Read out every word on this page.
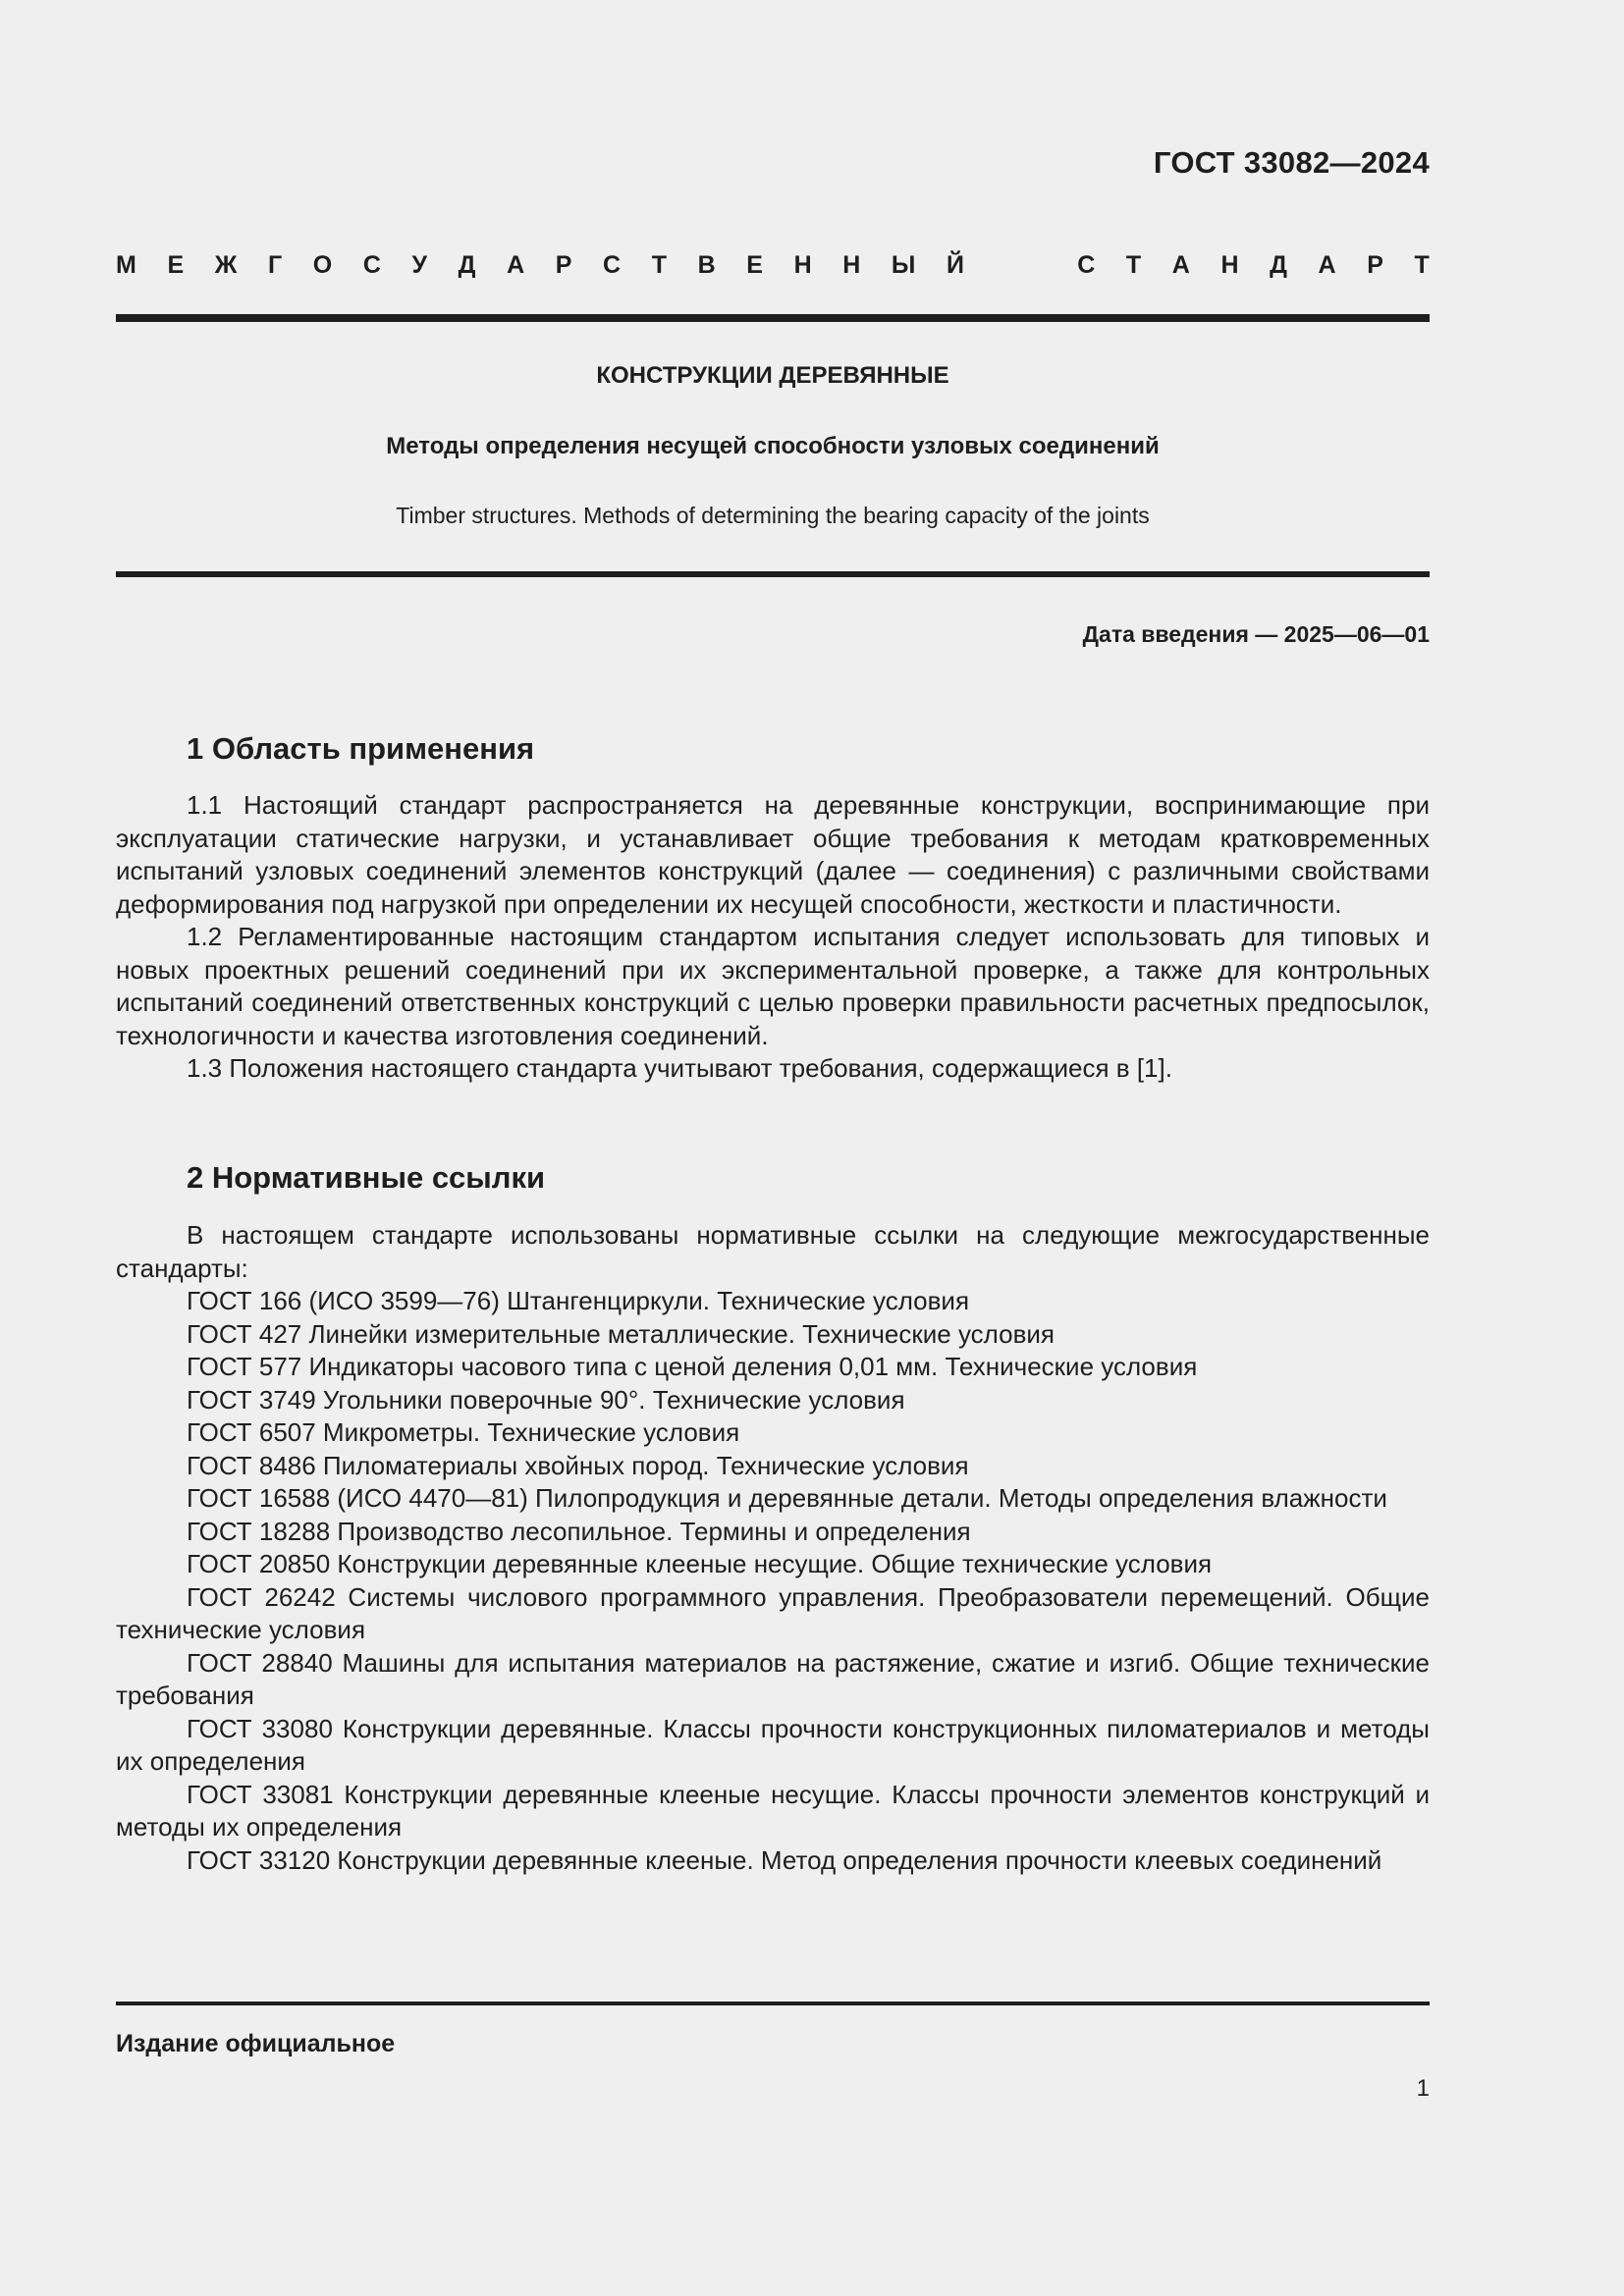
ГОСТ 33082—2024
М Е Ж Г О С У Д А Р С Т В Е Н Н Ы Й	С Т А Н Д А Р Т
КОНСТРУКЦИИ ДЕРЕВЯННЫЕ
Методы определения несущей способности узловых соединений
Timber structures. Methods of determining the bearing capacity of the joints
Дата введения — 2025—06—01
1 Область применения

1.1 Настоящий стандарт распространяется на деревянные конструкции, воспринимающие при эксплуатации статические нагрузки, и устанавливает общие требования к методам кратковременных испытаний узловых соединений элементов конструкций (далее — соединения) с различными свойствами деформирования под нагрузкой при определении их несущей способности, жесткости и пластичности.

1.2 Регламентированные настоящим стандартом испытания следует использовать для типовых и новых проектных решений соединений при их экспериментальной проверке, а также для контрольных испытаний соединений ответственных конструкций с целью проверки правильности расчетных предпосылок, технологичности и качества изготовления соединений.

1.3 Положения настоящего стандарта учитывают требования, содержащиеся в [1].

2 Нормативные ссылки

В настоящем стандарте использованы нормативные ссылки на следующие межгосударственные стандарты:

ГОСТ 166 (ИСО 3599—76) Штангенциркули. Технические условия

ГОСТ 427 Линейки измерительные металлические. Технические условия

ГОСТ 577 Индикаторы часового типа с ценой деления 0,01 мм. Технические условия

ГОСТ 3749 Угольники поверочные 90°. Технические условия

ГОСТ 6507 Микрометры. Технические условия

ГОСТ 8486 Пиломатериалы хвойных пород. Технические условия

ГОСТ 16588 (ИСО 4470—81) Пилопродукция и деревянные детали. Методы определения влажности

ГОСТ 18288 Производство лесопильное. Термины и определения

ГОСТ 20850 Конструкции деревянные клееные несущие. Общие технические условия

ГОСТ 26242 Системы числового программного управления. Преобразователи перемещений. Общие технические условия

ГОСТ 28840 Машины для испытания материалов на растяжение, сжатие и изгиб. Общие технические требования

ГОСТ 33080 Конструкции деревянные. Классы прочности конструкционных пиломатериалов и методы их определения

ГОСТ 33081 Конструкции деревянные клееные несущие. Классы прочности элементов конструкций и методы их определения

ГОСТ 33120 Конструкции деревянные клееные. Метод определения прочности клеевых соединений

Издание официальное
1
